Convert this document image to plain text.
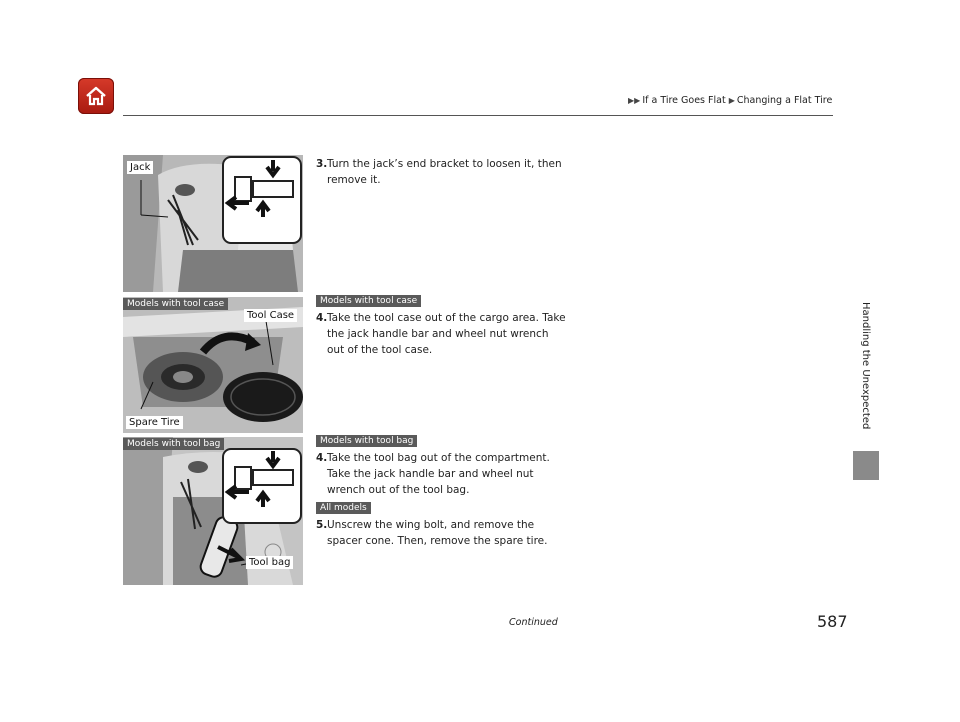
▶▶ If a Tire Goes Flat ▶ Changing a Flat Tire
Handling the Unexpected
Jack
Models with tool case
Tool Case
Spare Tire
Models with tool bag
Tool bag
3. Turn the jack’s end bracket to loosen it, then remove it.
Models with tool case
4. Take the tool case out of the cargo area. Take the jack handle bar and wheel nut wrench out of the tool case.
Models with tool bag
4. Take the tool bag out of the compartment. Take the jack handle bar and wheel nut wrench out of the tool bag.
All models
5. Unscrew the wing bolt, and remove the spacer cone. Then, remove the spare tire.
Continued	587
